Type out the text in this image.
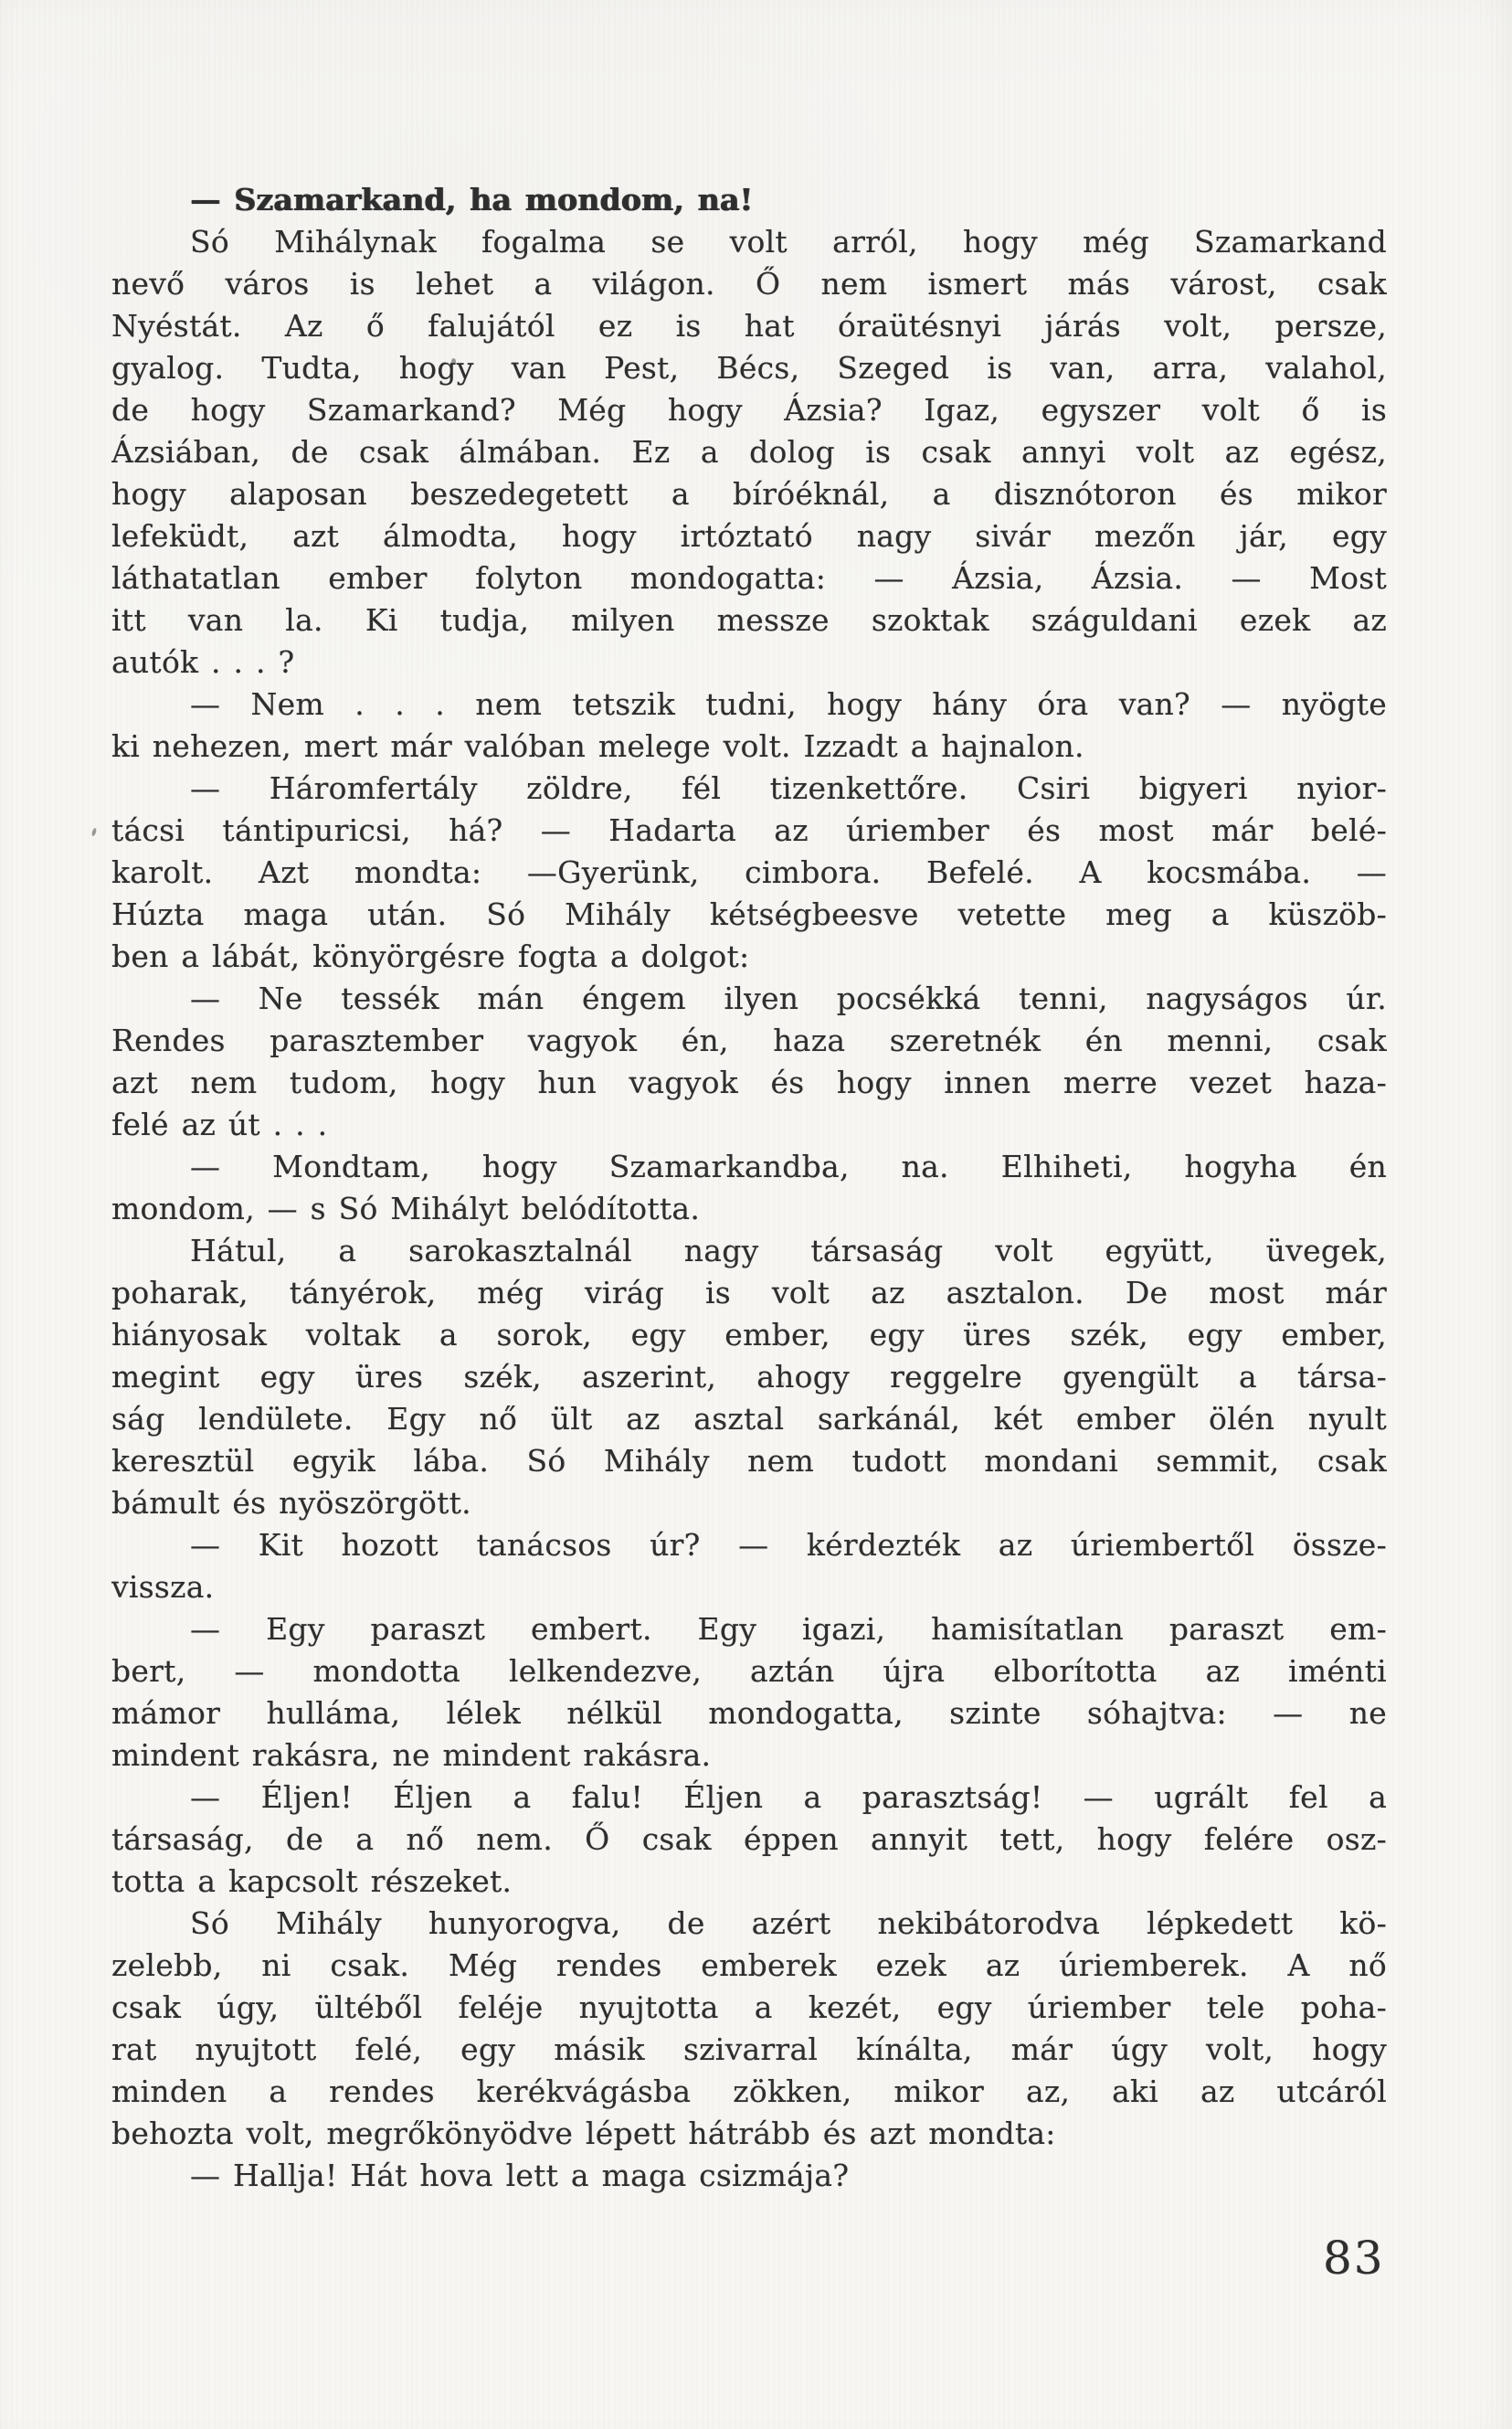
— Szamarkand, ha mondom, na!

Só Mihálynak fogalma se volt arról, hogy még Szamarkand
nevő város is lehet a világon. Ő nem ismert más várost, csak
Nyéstát. Az ő falujától ez is hat óraütésnyi járás volt, persze,
gyalog. Tudta, hogy van Pest, Bécs, Szeged is van, arra, valahol,
de hogy Szamarkand? Még hogy Ázsia? Igaz, egyszer volt ő is
Ázsiában, de csak álmában. Ez a dolog is csak annyi volt az egész,
hogy alaposan beszedegetett a bíróéknál, a disznótoron és mikor
lefeküdt, azt álmodta, hogy irtóztató nagy sivár mezőn jár, egy
láthatatlan ember folyton mondogatta: — Ázsia, Ázsia. — Most
itt van la. Ki tudja, milyen messze szoktak száguldani ezek az
autók . . . ?

— Nem . . . nem tetszik tudni, hogy hány óra van? — nyögte
ki nehezen, mert már valóban melege volt. Izzadt a hajnalon.

— Háromfertály zöldre, fél tizenkettőre. Csiri bigyeri nyior-
tácsi tántipuricsi, há? — Hadarta az úriember és most már belé-
karolt. Azt mondta: —Gyerünk, cimbora. Befelé. A kocsmába. —
Húzta maga után. Só Mihály kétségbeesve vetette meg a küszöb-
ben a lábát, könyörgésre fogta a dolgot:

— Ne tessék mán éngem ilyen pocsékká tenni, nagyságos úr.
Rendes parasztember vagyok én, haza szeretnék én menni, csak
azt nem tudom, hogy hun vagyok és hogy innen merre vezet haza-
felé az út . . .

— Mondtam, hogy Szamarkandba, na. Elhiheti, hogyha én
mondom, — s Só Mihályt belódította.

Hátul, a sarokasztalnál nagy társaság volt együtt, üvegek,
poharak, tányérok, még virág is volt az asztalon. De most már
hiányosak voltak a sorok, egy ember, egy üres szék, egy ember,
megint egy üres szék, aszerint, ahogy reggelre gyengült a társa-
ság lendülete. Egy nő ült az asztal sarkánál, két ember ölén nyult
keresztül egyik lába. Só Mihály nem tudott mondani semmit, csak
bámult és nyöszörgött.

— Kit hozott tanácsos úr? — kérdezték az úriembertől össze-
vissza.

— Egy paraszt embert. Egy igazi, hamisítatlan paraszt em-
bert, — mondotta lelkendezve, aztán újra elborította az iménti
mámor hulláma, lélek nélkül mondogatta, szinte sóhajtva: — ne
mindent rakásra, ne mindent rakásra.

— Éljen! Éljen a falu! Éljen a parasztság! — ugrált fel a
társaság, de a nő nem. Ő csak éppen annyit tett, hogy felére osz-
totta a kapcsolt részeket.

Só Mihály hunyorogva, de azért nekibátorodva lépkedett kö-
zelebb, ni csak. Még rendes emberek ezek az úriemberek. A nő
csak úgy, ültéből feléje nyujtotta a kezét, egy úriember tele poha-
rat nyujtott felé, egy másik szivarral kínálta, már úgy volt, hogy
minden a rendes kerékvágásba zökken, mikor az, aki az utcáról
behozta volt, megrőkönyödve lépett hátrább és azt mondta:

— Hallja! Hát hova lett a maga csizmája?

83
